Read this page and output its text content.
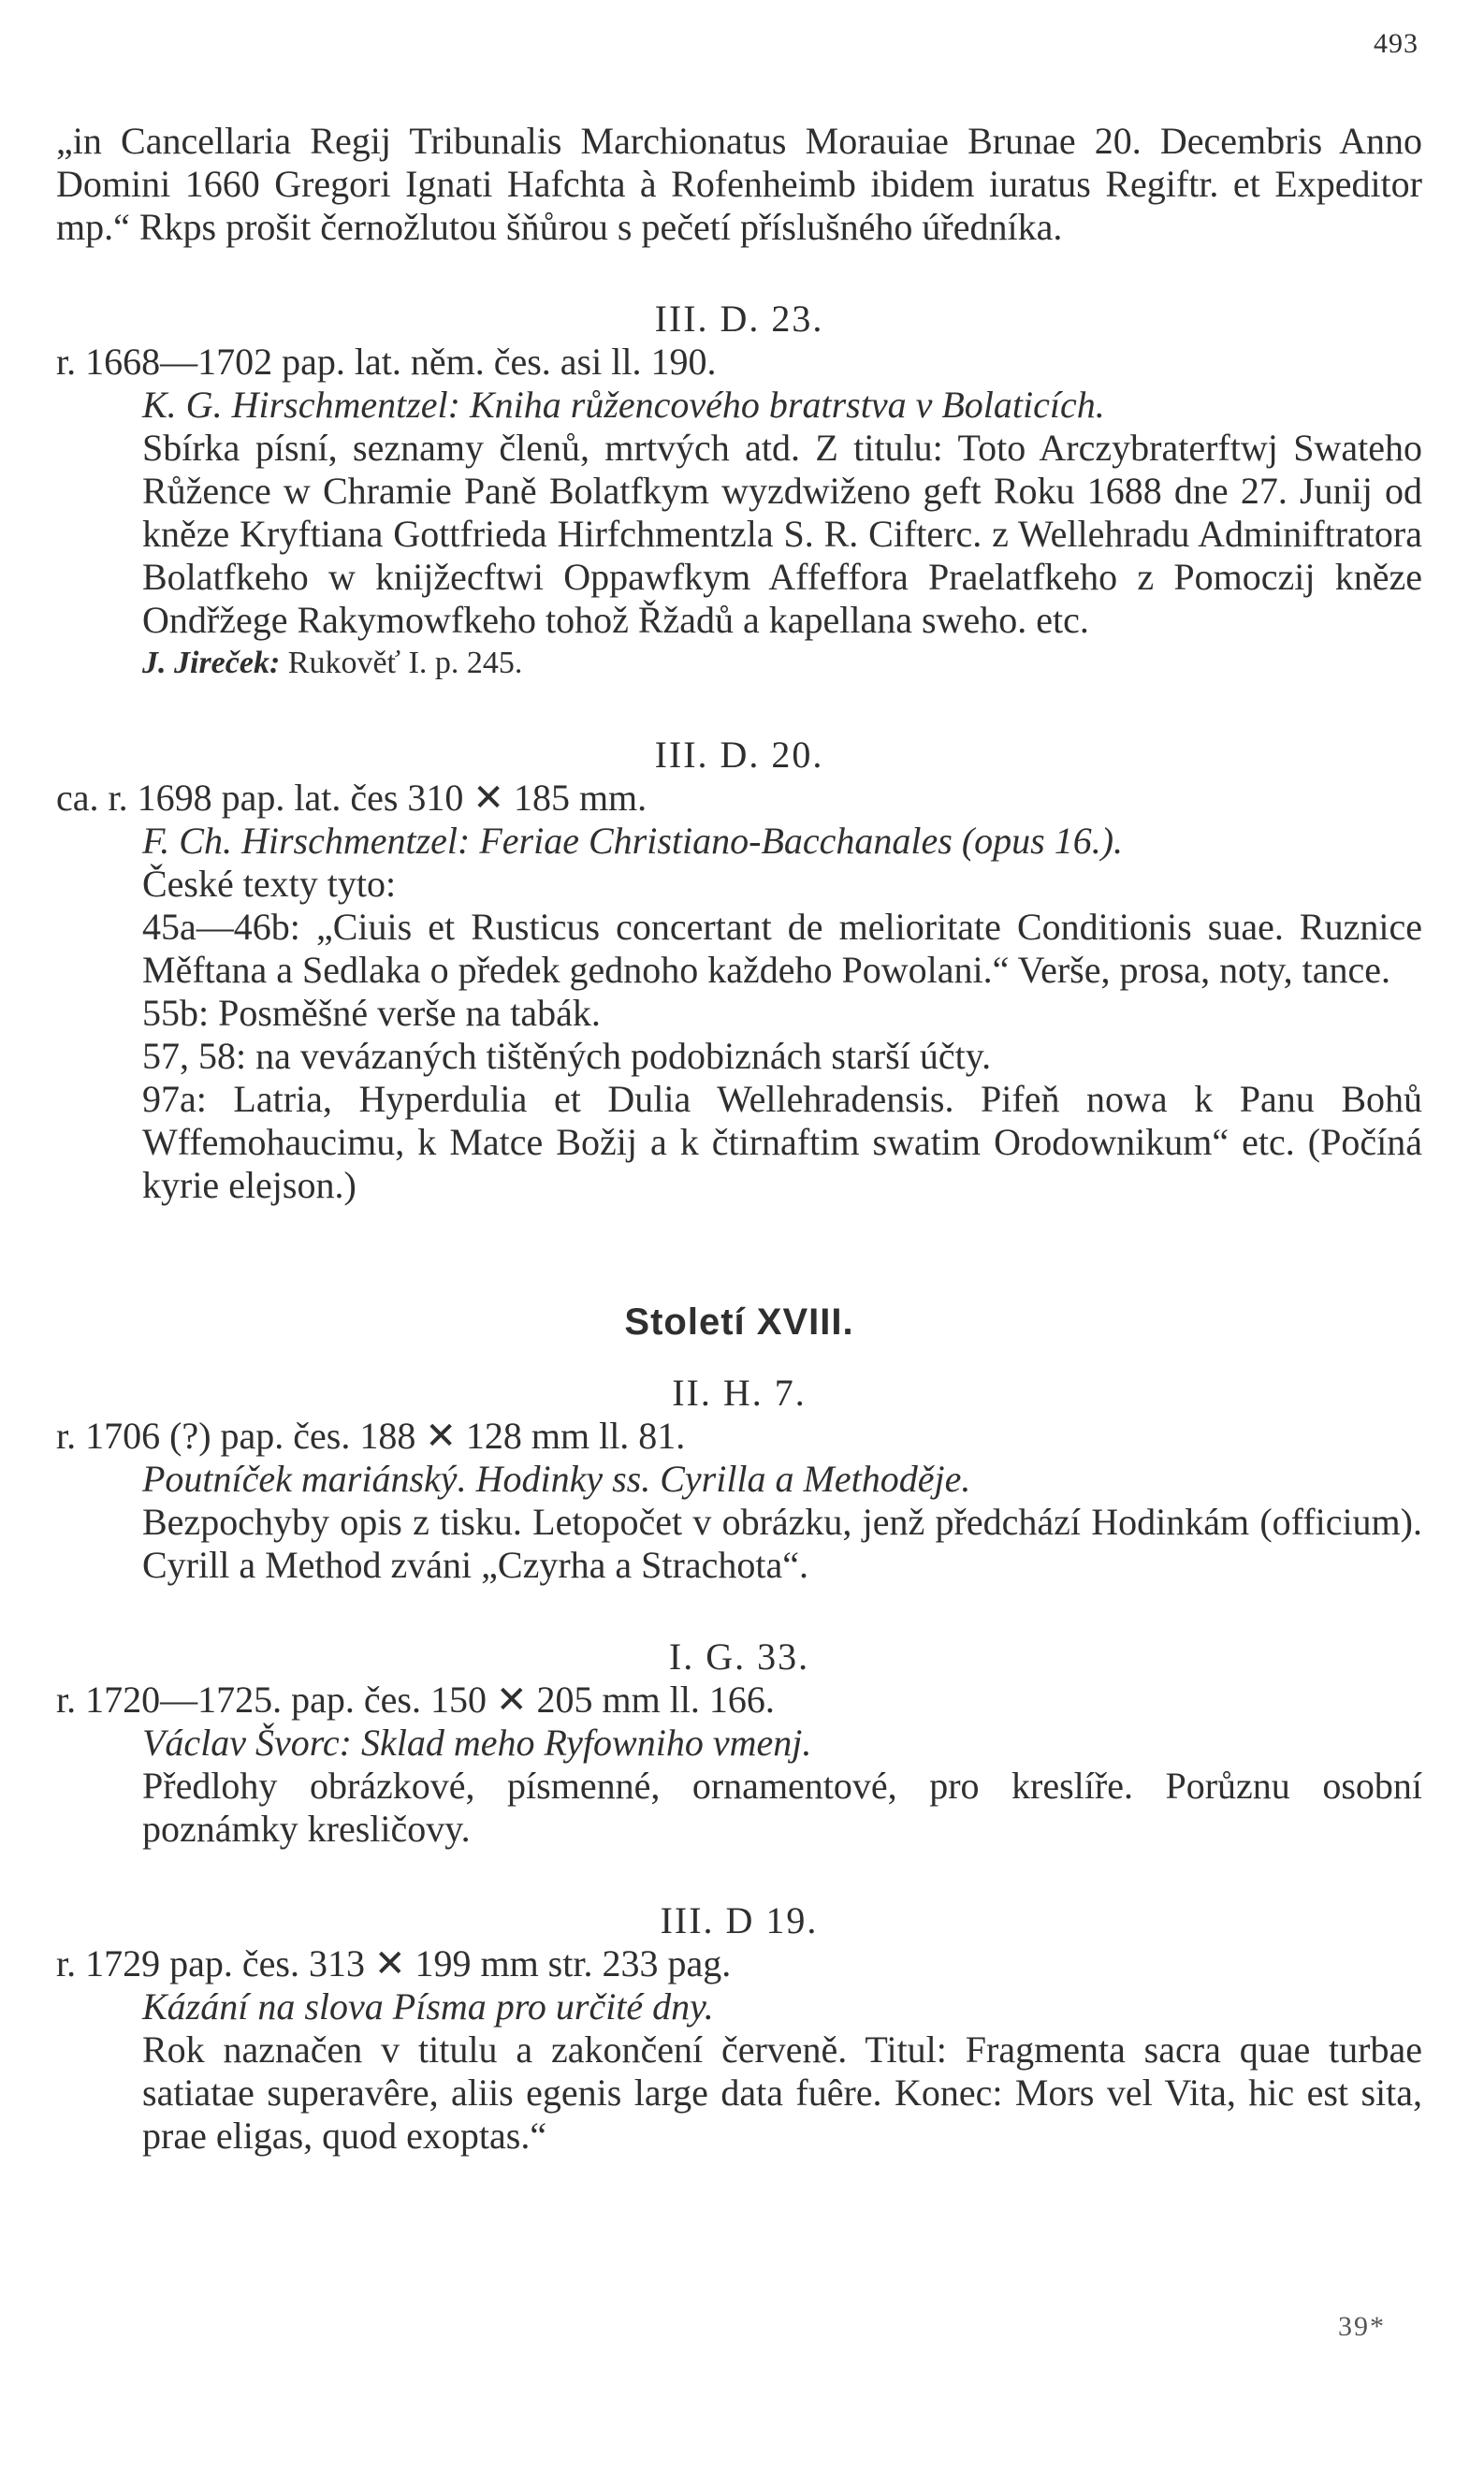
493

„in Cancellaria Regij Tribunalis Marchionatus Morauiae Brunae 20. Decembris Anno Domini 1660 Gregori Ignati Hafchta à Rofenheimb ibidem iuratus Regiftr. et Expeditor mp.“ Rkps prošit černožlutou šňůrou s pečetí příslušného úředníka.

III. D. 23.

r. 1668—1702 pap. lat. něm. čes. asi ll. 190.

K. G. Hirschmentzel: Kniha růžencového bratrstva v Bolaticích.

Sbírka písní, seznamy členů, mrtvých atd. Z titulu: Toto Arczybraterftwj Swateho Růžence w Chramie Paně Bolatfkym wyzdwiženo geft Roku 1688 dne 27. Junij od kněze Kryftiana Gottfrieda Hirfchmentzla S. R. Cifterc. z Wellehradu Adminiftratora Bolatfkeho w knijžecftwi Oppawfkym Affeffora Praelatfkeho z Pomoczij kněze Ondřžege Rakymowfkeho tohož Řžadů a kapellana sweho. etc.

J. Jireček: Rukověť I. p. 245.

III. D. 20.

ca. r. 1698 pap. lat. čes 310 ✕ 185 mm.

F. Ch. Hirschmentzel: Feriae Christiano-Bacchanales (opus 16.).

České texty tyto:

45a—46b: „Ciuis et Rusticus concertant de melioritate Conditionis suae. Ruznice Měftana a Sedlaka o předek gednoho každeho Powolani.“ Verše, prosa, noty, tance.

55b: Posměšné verše na tabák.

57, 58: na vevázaných tištěných podobiznách starší účty.

97a: Latria, Hyperdulia et Dulia Wellehradensis. Pifeň nowa k Panu Bohů Wffemohaucimu, k Matce Božij a k čtirnaftim swatim Orodownikum“ etc. (Počíná kyrie elejson.)

Století XVIII.

II. H. 7.

r. 1706 (?) pap. čes. 188 ✕ 128 mm ll. 81.

Poutníček mariánský. Hodinky ss. Cyrilla a Methoděje.

Bezpochyby opis z tisku. Letopočet v obrázku, jenž předchází Hodinkám (officium). Cyrill a Method zváni „Czyrha a Strachota“.

I. G. 33.

r. 1720—1725. pap. čes. 150 ✕ 205 mm ll. 166.

Václav Švorc: Sklad meho Ryfowniho vmenj.

Předlohy obrázkové, písmenné, ornamentové, pro kreslíře. Porůznu osobní poznámky kresličovy.

III. D 19.

r. 1729 pap. čes. 313 ✕ 199 mm str. 233 pag.

Kázání na slova Písma pro určité dny.

Rok naznačen v titulu a zakončení červeně. Titul: Fragmenta sacra quae turbae satiatae superavêre, aliis egenis large data fuêre. Konec: Mors vel Vita, hic est sita, prae eligas, quod exoptas.“

39*
